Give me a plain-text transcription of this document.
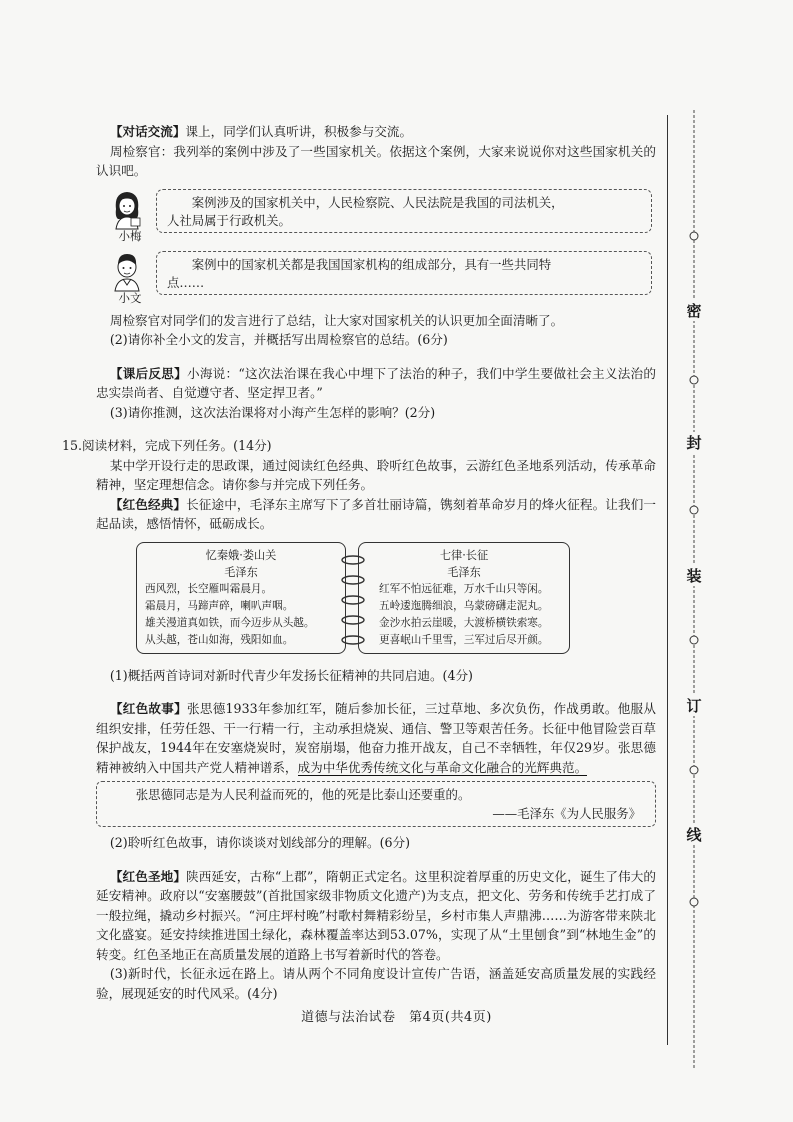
【对话交流】课上，同学们认真听讲，积极参与交流。

周检察官：我列举的案例中涉及了一些国家机关。依据这个案例，大家来说说你对这些国家机关的认识吧。

小梅
案例涉及的国家机关中，人民检察院、人民法院是我国的司法机关，
人社局属于行政机关。
小文
案例中的国家机关都是我国国家机构的组成部分，具有一些共同特
点……

周检察官对同学们的发言进行了总结，让大家对国家机关的认识更加全面清晰了。

(2)请你补全小文的发言，并概括写出周检察官的总结。(6分)

【课后反思】小海说：“这次法治课在我心中埋下了法治的种子，我们中学生要做社会主义法治的忠实崇尚者、自觉遵守者、坚定捍卫者。”

(3)请你推测，这次法治课将对小海产生怎样的影响？(2分)

15.阅读材料，完成下列任务。(14分)

某中学开设行走的思政课，通过阅读红色经典、聆听红色故事，云游红色圣地系列活动，传承革命精神，坚定理想信念。请你参与并完成下列任务。

【红色经典】长征途中，毛泽东主席写下了多首壮丽诗篇，镌刻着革命岁月的烽火征程。让我们一起品读，感悟情怀，砥砺成长。

忆秦娥·娄山关
毛泽东
西风烈，长空雁叫霜晨月。
霜晨月，马蹄声碎，喇叭声咽。
雄关漫道真如铁，而今迈步从头越。
从头越，苍山如海，残阳如血。
七律·长征
毛泽东
红军不怕远征难，万水千山只等闲。
五岭逶迤腾细浪，乌蒙磅礴走泥丸。
金沙水拍云崖暖，大渡桥横铁索寒。
更喜岷山千里雪，三军过后尽开颜。

(1)概括两首诗词对新时代青少年发扬长征精神的共同启迪。(4分)

【红色故事】张思德1933年参加红军，随后参加长征，三过草地、多次负伤，作战勇敢。他服从组织安排，任劳任怨、干一行精一行，主动承担烧炭、通信、警卫等艰苦任务。长征中他冒险尝百草保护战友，1944年在安塞烧炭时，炭窑崩塌，他奋力推开战友，自己不幸牺牲，年仅29岁。张思德精神被纳入中国共产党人精神谱系，成为中华优秀传统文化与革命文化融合的光辉典范。

张思德同志是为人民利益而死的，他的死是比泰山还要重的。
——毛泽东《为人民服务》

(2)聆听红色故事，请你谈谈对划线部分的理解。(6分)

【红色圣地】陕西延安，古称“上郡”，隋朝正式定名。这里积淀着厚重的历史文化，诞生了伟大的延安精神。政府以“安塞腰鼓”(首批国家级非物质文化遗产)为支点，把文化、劳务和传统手艺打成了一般拉绳，撬动乡村振兴。“河庄坪村晚”村歌村舞精彩纷呈，乡村市集人声鼎沸……为游客带来陕北文化盛宴。延安持续推进国土绿化，森林覆盖率达到53.07%，实现了从“土里刨食”到“林地生金”的转变。红色圣地正在高质量发展的道路上书写着新时代的答卷。

(3)新时代，长征永远在路上。请从两个不同角度设计宣传广告语，涵盖延安高质量发展的实践经验，展现延安的时代风采。(4分)

道德与法治试卷　第4页(共4页)
密
封
装
订
线
